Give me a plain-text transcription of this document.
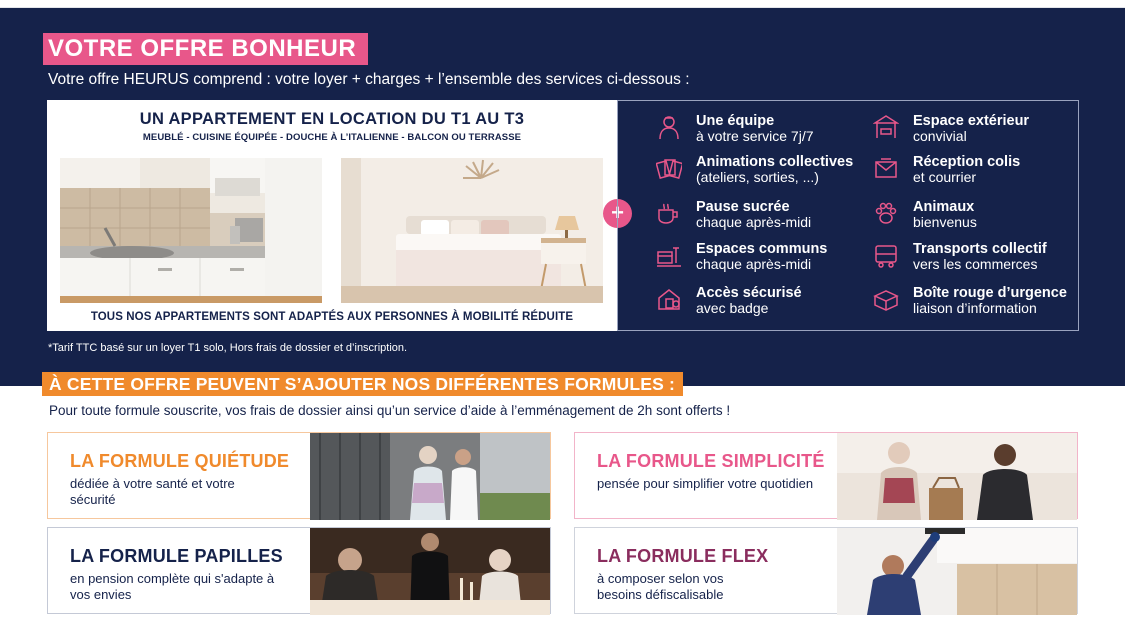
VOTRE OFFRE BONHEUR
Votre offre HEURUS comprend : votre loyer + charges + l’ensemble des services ci-dessous :
UN APPARTEMENT EN LOCATION DU T1 AU T3
MEUBLÉ - CUISINE ÉQUIPÉE - DOUCHE À L’ITALIENNE - BALCON OU TERRASSE
TOUS NOS APPARTEMENTS SONT ADAPTÉS AUX PERSONNES À MOBILITÉ RÉDUITE
+
Une équipe
à votre service 7j/7
Espace extérieur
convivial
Animations collectives
(ateliers, sorties, ...)
Réception colis
et courrier
Pause sucrée
chaque après-midi
Animaux
bienvenus
Espaces communs
chaque après-midi
Transports collectif
vers les commerces
Accès sécurisé
avec badge
Boîte rouge d’urgence
liaison d’information
*Tarif TTC basé sur un loyer T1 solo, Hors frais de dossier et d’inscription.
À CETTE OFFRE PEUVENT S’AJOUTER NOS DIFFÉRENTES FORMULES :
Pour toute formule souscrite, vos frais de dossier ainsi qu’un service d’aide à l’emménagement de 2h sont offerts !
LA FORMULE QUIÉTUDE
dédiée à votre santé et votre sécurité
LA FORMULE SIMPLICITÉ
pensée pour simplifier votre quotidien
LA FORMULE PAPILLES
en pension complète qui s'adapte à vos envies
LA FORMULE FLEX
à composer selon vos besoins défiscalisable
